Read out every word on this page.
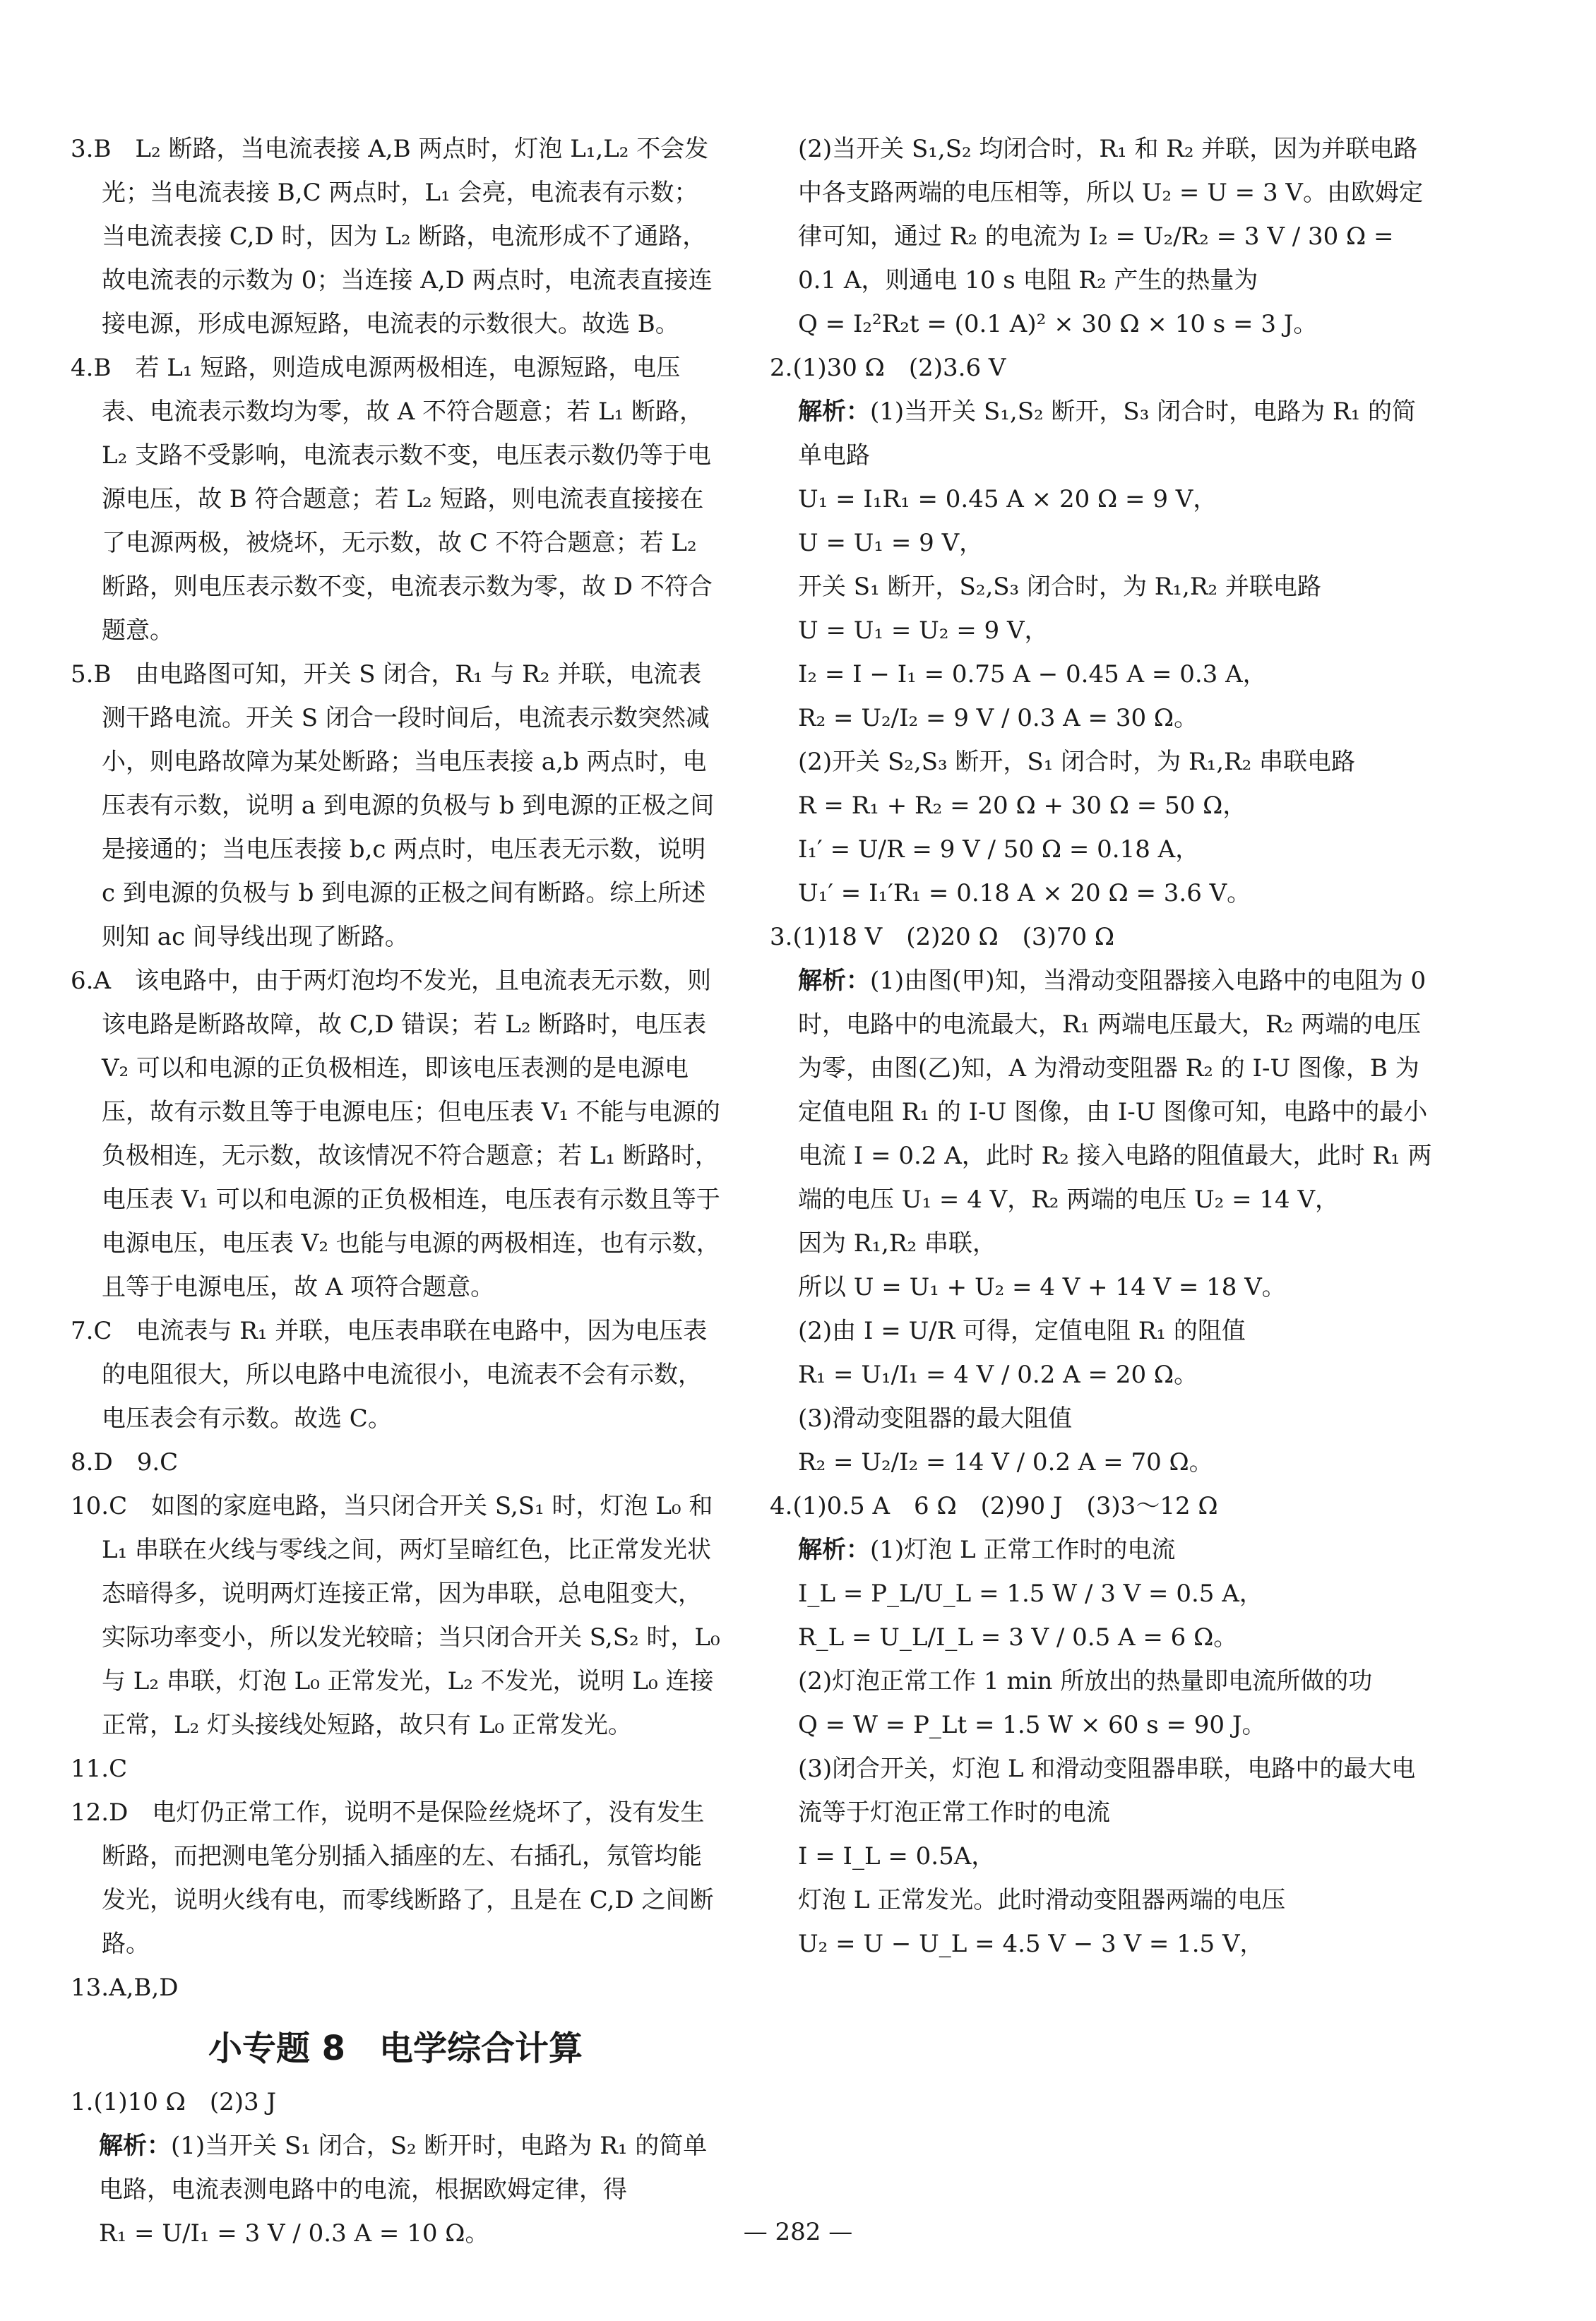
3.B　L₂ 断路，当电流表接 A,B 两点时，灯泡 L₁,L₂ 不会发光；当电流表接 B,C 两点时，L₁ 会亮，电流表有示数；当电流表接 C,D 时，因为 L₂ 断路，电流形成不了通路，故电流表的示数为 0；当连接 A,D 两点时，电流表直接连接电源，形成电源短路，电流表的示数很大。故选 B。

4.B　若 L₁ 短路，则造成电源两极相连，电源短路，电压表、电流表示数均为零，故 A 不符合题意；若 L₁ 断路，L₂ 支路不受影响，电流表示数不变，电压表示数仍等于电源电压，故 B 符合题意；若 L₂ 短路，则电流表直接接在了电源两极，被烧坏，无示数，故 C 不符合题意；若 L₂ 断路，则电压表示数不变，电流表示数为零，故 D 不符合题意。

5.B　由电路图可知，开关 S 闭合，R₁ 与 R₂ 并联，电流表测干路电流。开关 S 闭合一段时间后，电流表示数突然减小，则电路故障为某处断路；当电压表接 a,b 两点时，电压表有示数，说明 a 到电源的负极与 b 到电源的正极之间是接通的；当电压表接 b,c 两点时，电压表无示数，说明 c 到电源的负极与 b 到电源的正极之间有断路。综上所述则知 ac 间导线出现了断路。

6.A　该电路中，由于两灯泡均不发光，且电流表无示数，则该电路是断路故障，故 C,D 错误；若 L₂ 断路时，电压表 V₂ 可以和电源的正负极相连，即该电压表测的是电源电压，故有示数且等于电源电压；但电压表 V₁ 不能与电源的负极相连，无示数，故该情况不符合题意；若 L₁ 断路时，电压表 V₁ 可以和电源的正负极相连，电压表有示数且等于电源电压，电压表 V₂ 也能与电源的两极相连，也有示数，且等于电源电压，故 A 项符合题意。

7.C　电流表与 R₁ 并联，电压表串联在电路中，因为电压表的电阻很大，所以电路中电流很小，电流表不会有示数，电压表会有示数。故选 C。

8.D　9.C

10.C　如图的家庭电路，当只闭合开关 S,S₁ 时，灯泡 L₀ 和 L₁ 串联在火线与零线之间，两灯呈暗红色，比正常发光状态暗得多，说明两灯连接正常，因为串联，总电阻变大，实际功率变小，所以发光较暗；当只闭合开关 S,S₂ 时，L₀ 与 L₂ 串联，灯泡 L₀ 正常发光，L₂ 不发光，说明 L₀ 连接正常，L₂ 灯头接线处短路，故只有 L₀ 正常发光。

11.C

12.D　电灯仍正常工作，说明不是保险丝烧坏了，没有发生断路，而把测电笔分别插入插座的左、右插孔，氖管均能发光，说明火线有电，而零线断路了，且是在 C,D 之间断路。

13.A,B,D

小专题 8　电学综合计算

1.(1)10 Ω　(2)3 J

解析：(1)当开关 S₁ 闭合，S₂ 断开时，电路为 R₁ 的简单电路，电流表测电路中的电流，根据欧姆定律，得

R₁ = U/I₁ = 3 V / 0.3 A = 10 Ω。

(2)当开关 S₁,S₂ 均闭合时，R₁ 和 R₂ 并联，因为并联电路中各支路两端的电压相等，所以 U₂ = U = 3 V。由欧姆定律可知，通过 R₂ 的电流为 I₂ = U₂/R₂ = 3 V / 30 Ω = 0.1 A，则通电 10 s 电阻 R₂ 产生的热量为

Q = I₂²R₂t = (0.1 A)² × 30 Ω × 10 s = 3 J。

2.(1)30 Ω　(2)3.6 V

解析：(1)当开关 S₁,S₂ 断开，S₃ 闭合时，电路为 R₁ 的简单电路

U₁ = I₁R₁ = 0.45 A × 20 Ω = 9 V，

U = U₁ = 9 V，

开关 S₁ 断开，S₂,S₃ 闭合时，为 R₁,R₂ 并联电路

U = U₁ = U₂ = 9 V，

I₂ = I − I₁ = 0.75 A − 0.45 A = 0.3 A，

R₂ = U₂/I₂ = 9 V / 0.3 A = 30 Ω。

(2)开关 S₂,S₃ 断开，S₁ 闭合时，为 R₁,R₂ 串联电路

R = R₁ + R₂ = 20 Ω + 30 Ω = 50 Ω，

I₁′ = U/R = 9 V / 50 Ω = 0.18 A，

U₁′ = I₁′R₁ = 0.18 A × 20 Ω = 3.6 V。

3.(1)18 V　(2)20 Ω　(3)70 Ω

解析：(1)由图(甲)知，当滑动变阻器接入电路中的电阻为 0 时，电路中的电流最大，R₁ 两端电压最大，R₂ 两端的电压为零，由图(乙)知，A 为滑动变阻器 R₂ 的 I-U 图像，B 为定值电阻 R₁ 的 I-U 图像，由 I-U 图像可知，电路中的最小电流 I = 0.2 A，此时 R₂ 接入电路的阻值最大，此时 R₁ 两端的电压 U₁ = 4 V，R₂ 两端的电压 U₂ = 14 V，

因为 R₁,R₂ 串联，

所以 U = U₁ + U₂ = 4 V + 14 V = 18 V。

(2)由 I = U/R 可得，定值电阻 R₁ 的阻值

R₁ = U₁/I₁ = 4 V / 0.2 A = 20 Ω。

(3)滑动变阻器的最大阻值

R₂ = U₂/I₂ = 14 V / 0.2 A = 70 Ω。

4.(1)0.5 A　6 Ω　(2)90 J　(3)3～12 Ω

解析：(1)灯泡 L 正常工作时的电流

I_L = P_L/U_L = 1.5 W / 3 V = 0.5 A，

R_L = U_L/I_L = 3 V / 0.5 A = 6 Ω。

(2)灯泡正常工作 1 min 所放出的热量即电流所做的功

Q = W = P_Lt = 1.5 W × 60 s = 90 J。

(3)闭合开关，灯泡 L 和滑动变阻器串联，电路中的最大电流等于灯泡正常工作时的电流

I = I_L = 0.5A，

灯泡 L 正常发光。此时滑动变阻器两端的电压

U₂ = U − U_L = 4.5 V − 3 V = 1.5 V，

— 282 —
